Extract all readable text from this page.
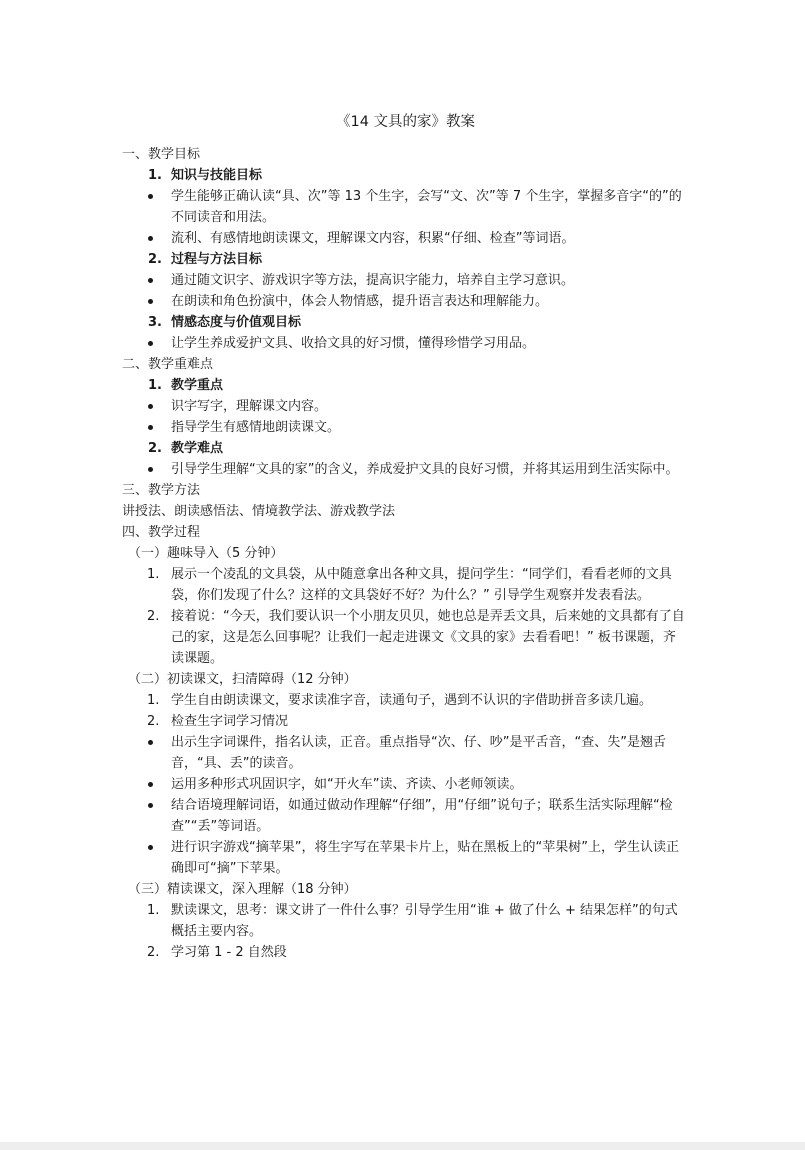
《14 文具的家》教案
一、教学目标
1. 知识与技能目标
学生能够正确认读“具、次”等 13 个生字，会写“文、次”等 7 个生字，掌握多音字“的”的不同读音和用法。
流利、有感情地朗读课文，理解课文内容，积累“仔细、检查”等词语。
2. 过程与方法目标
通过随文识字、游戏识字等方法，提高识字能力，培养自主学习意识。
在朗读和角色扮演中，体会人物情感，提升语言表达和理解能力。
3. 情感态度与价值观目标
让学生养成爱护文具、收拾文具的好习惯，懂得珍惜学习用品。
二、教学重难点
1. 教学重点
识字写字，理解课文内容。
指导学生有感情地朗读课文。
2. 教学难点
引导学生理解“文具的家”的含义，养成爱护文具的良好习惯，并将其运用到生活实际中。
三、教学方法
讲授法、朗读感悟法、情境教学法、游戏教学法
四、教学过程
（一）趣味导入（5 分钟）
1. 展示一个凌乱的文具袋，从中随意拿出各种文具，提问学生：“同学们，看看老师的文具袋，你们发现了什么？这样的文具袋好不好？为什么？” 引导学生观察并发表看法。
2. 接着说：“今天，我们要认识一个小朋友贝贝，她也总是弄丢文具，后来她的文具都有了自己的家，这是怎么回事呢？让我们一起走进课文《文具的家》去看看吧！” 板书课题，齐读课题。
（二）初读课文，扫清障碍（12 分钟）
1. 学生自由朗读课文，要求读准字音，读通句子，遇到不认识的字借助拼音多读几遍。
2. 检查生字词学习情况
出示生字词课件，指名认读，正音。重点指导“次、仔、吵”是平舌音，“查、失”是翘舌音，“具、丢”的读音。
运用多种形式巩固识字，如“开火车”读、齐读、小老师领读。
结合语境理解词语，如通过做动作理解“仔细”，用“仔细”说句子；联系生活实际理解“检查”“丢”等词语。
进行识字游戏“摘苹果”，将生字写在苹果卡片上，贴在黑板上的“苹果树”上，学生认读正确即可“摘”下苹果。
（三）精读课文，深入理解（18 分钟）
1. 默读课文，思考：课文讲了一件什么事？引导学生用“谁 + 做了什么 + 结果怎样”的句式概括主要内容。
2. 学习第 1 - 2 自然段
